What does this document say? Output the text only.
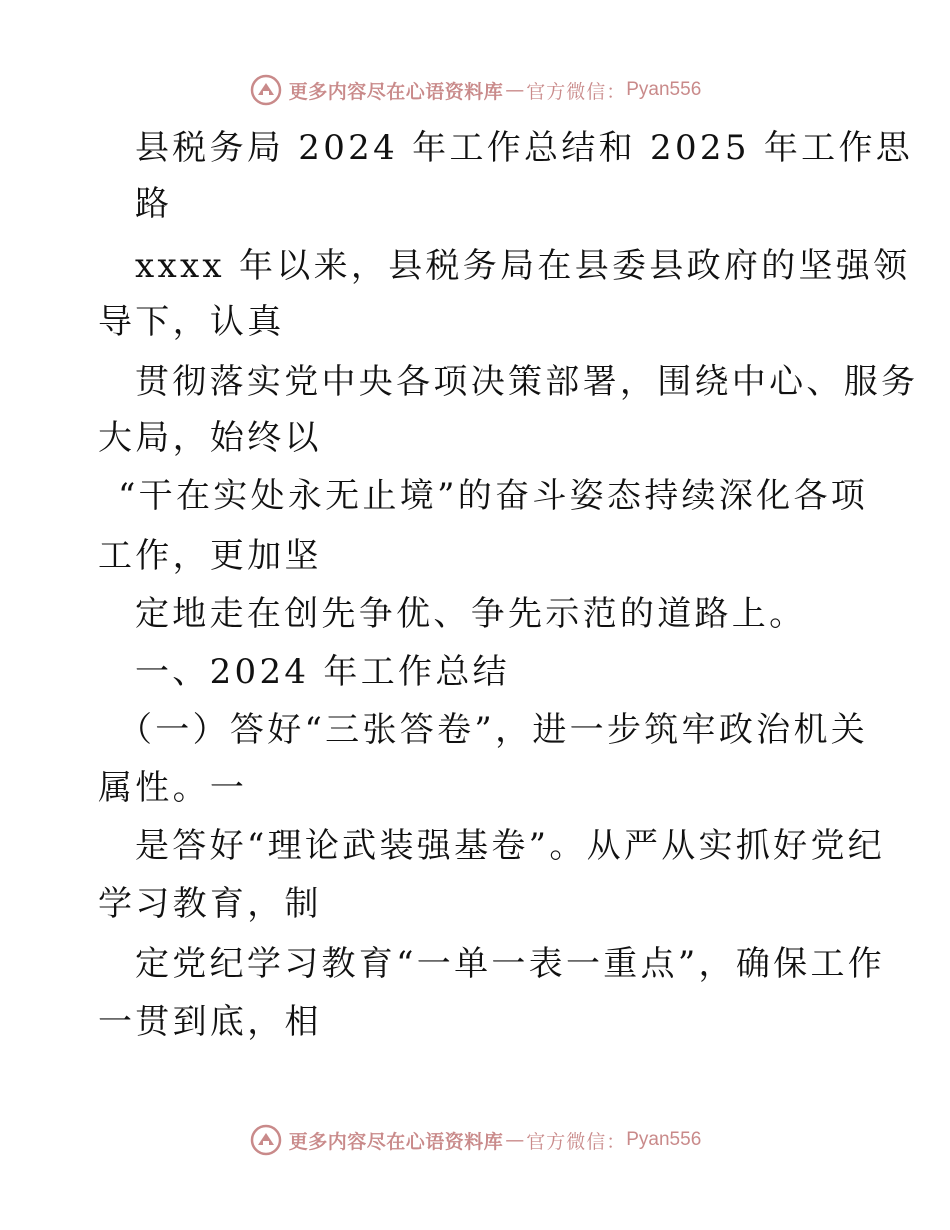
更多内容尽在心语资料库 — 官方微信： Pyan556
县税务局 2024 年工作总结和 2025 年工作思
路
xxxx 年以来，县税务局在县委县政府的坚强领
导下，认真
贯彻落实党中央各项决策部署，围绕中心、服务
大局，始终以
“干在实处永无止境”的奋斗姿态持续深化各项
工作，更加坚
定地走在创先争优、争先示范的道路上。
一、2024 年工作总结
（一）答好“三张答卷”，进一步筑牢政治机关
属性。一
是答好“理论武装强基卷”。从严从实抓好党纪
学习教育，制
定党纪学习教育“一单一表一重点”，确保工作
一贯到底，相
更多内容尽在心语资料库 — 官方微信： Pyan556
